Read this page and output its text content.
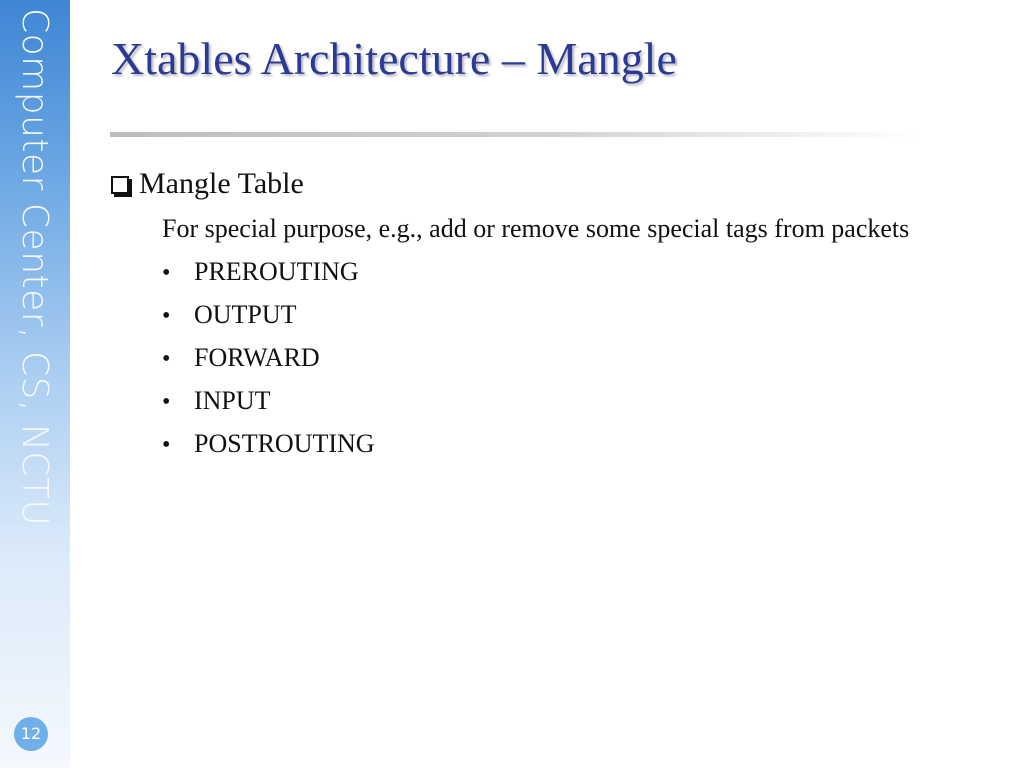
Computer Center, CS, NCTU
12
Xtables Architecture – Mangle
Mangle Table
For special purpose, e.g., add or remove some special tags from packets
• PREROUTING
• OUTPUT
• FORWARD
• INPUT
• POSTROUTING
